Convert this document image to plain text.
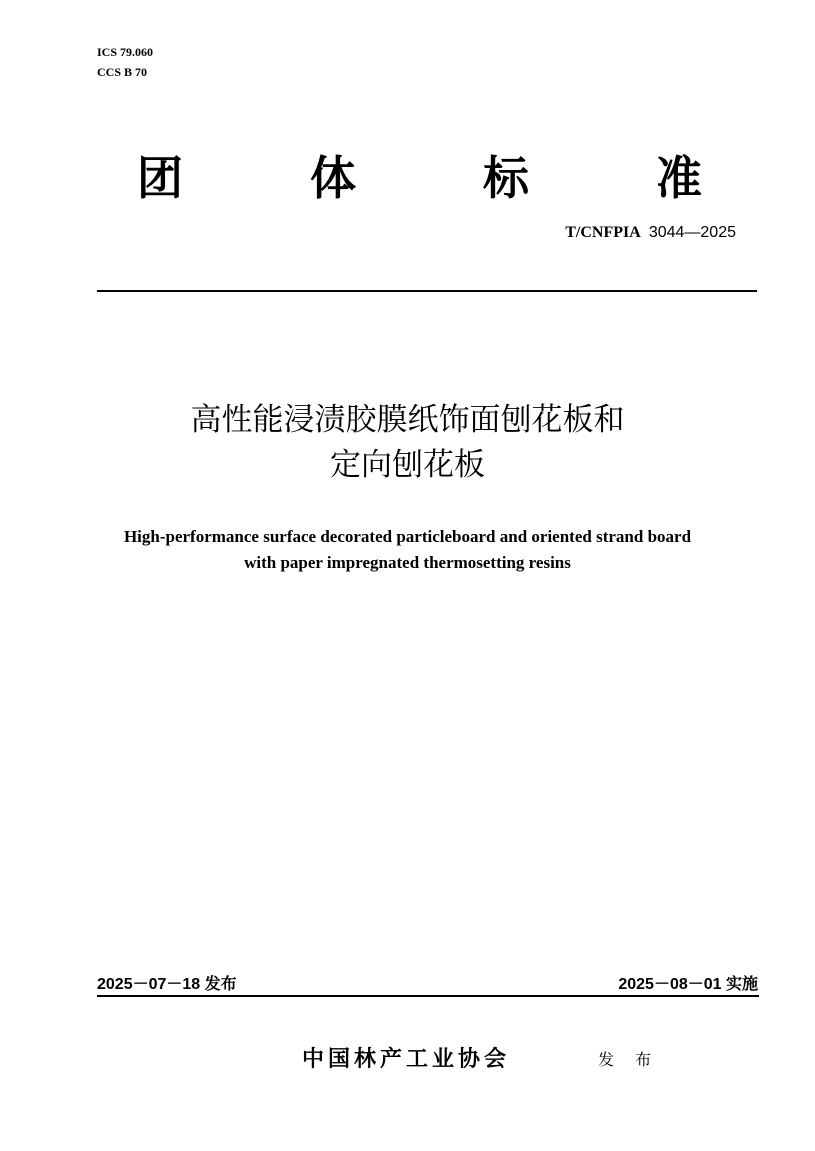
ICS 79.060
CCS B 70
团	体	标	准
T/CNFPIA 3044—2025
高性能浸渍胶膜纸饰面刨花板和
定向刨花板
High-performance surface decorated particleboard and oriented strand board
with paper impregnated thermosetting resins
2025－07－18 发布	2025－08－01 实施
中国林产工业协会	发 布
